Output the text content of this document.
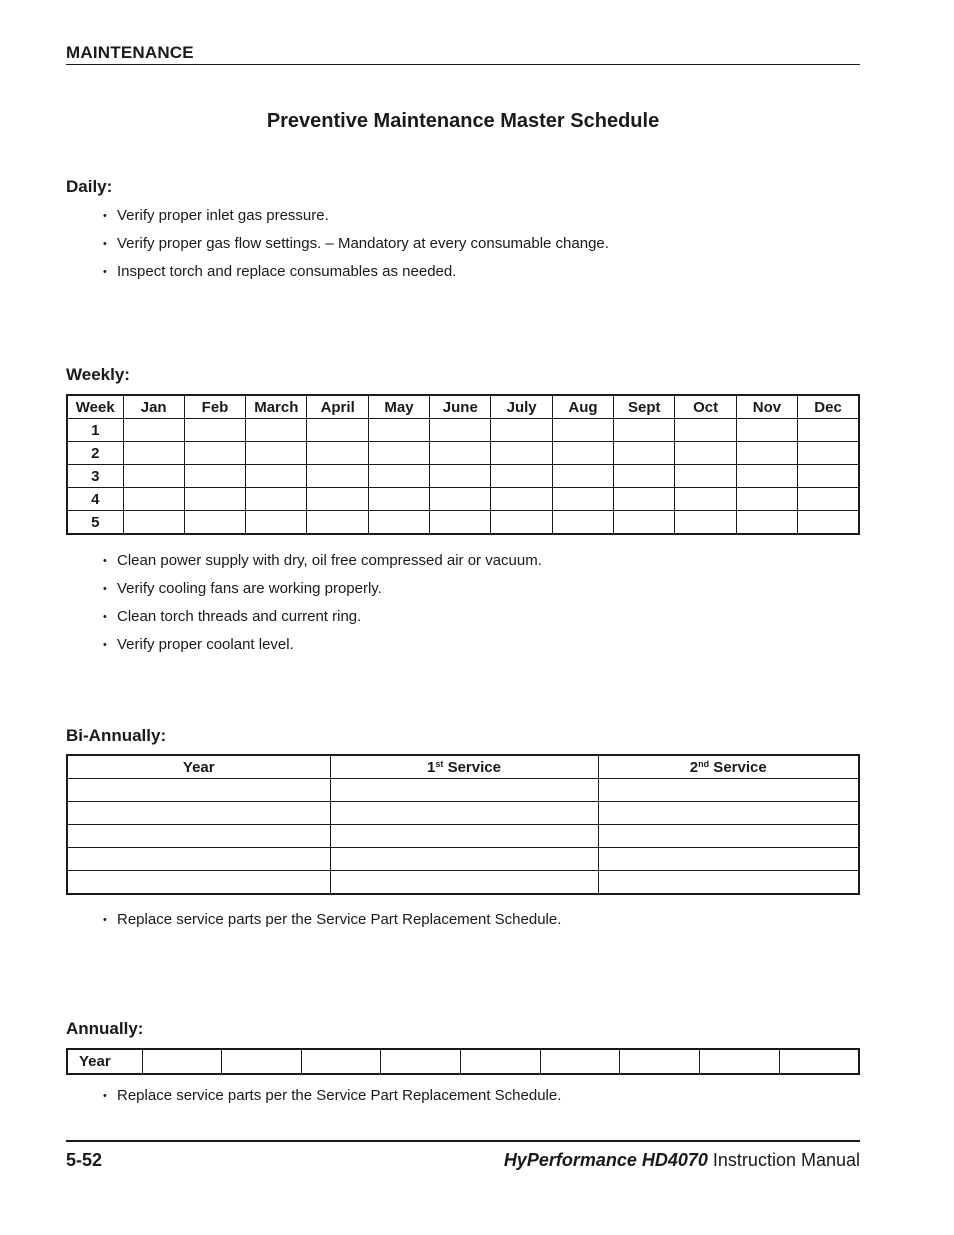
MAINTENANCE
Preventive Maintenance Master Schedule
Daily:
• Verify proper inlet gas pressure.
• Verify proper gas flow settings. – Mandatory at every consumable change.
• Inspect torch and replace consumables as needed.
Weekly:
Week	Jan	Feb	March	April	May	June	July	Aug	Sept	Oct	Nov	Dec
1												
2												
3												
4												
5												
• Clean power supply with dry, oil free compressed air or vacuum.
• Verify cooling fans are working properly.
• Clean torch threads and current ring.
• Verify proper coolant level.
Bi-Annually:
Year	1st Service	2nd Service

• Replace service parts per the Service Part Replacement Schedule.
Annually:
Year									
• Replace service parts per the Service Part Replacement Schedule.
5-52	HyPerformance HD4070 Instruction Manual
